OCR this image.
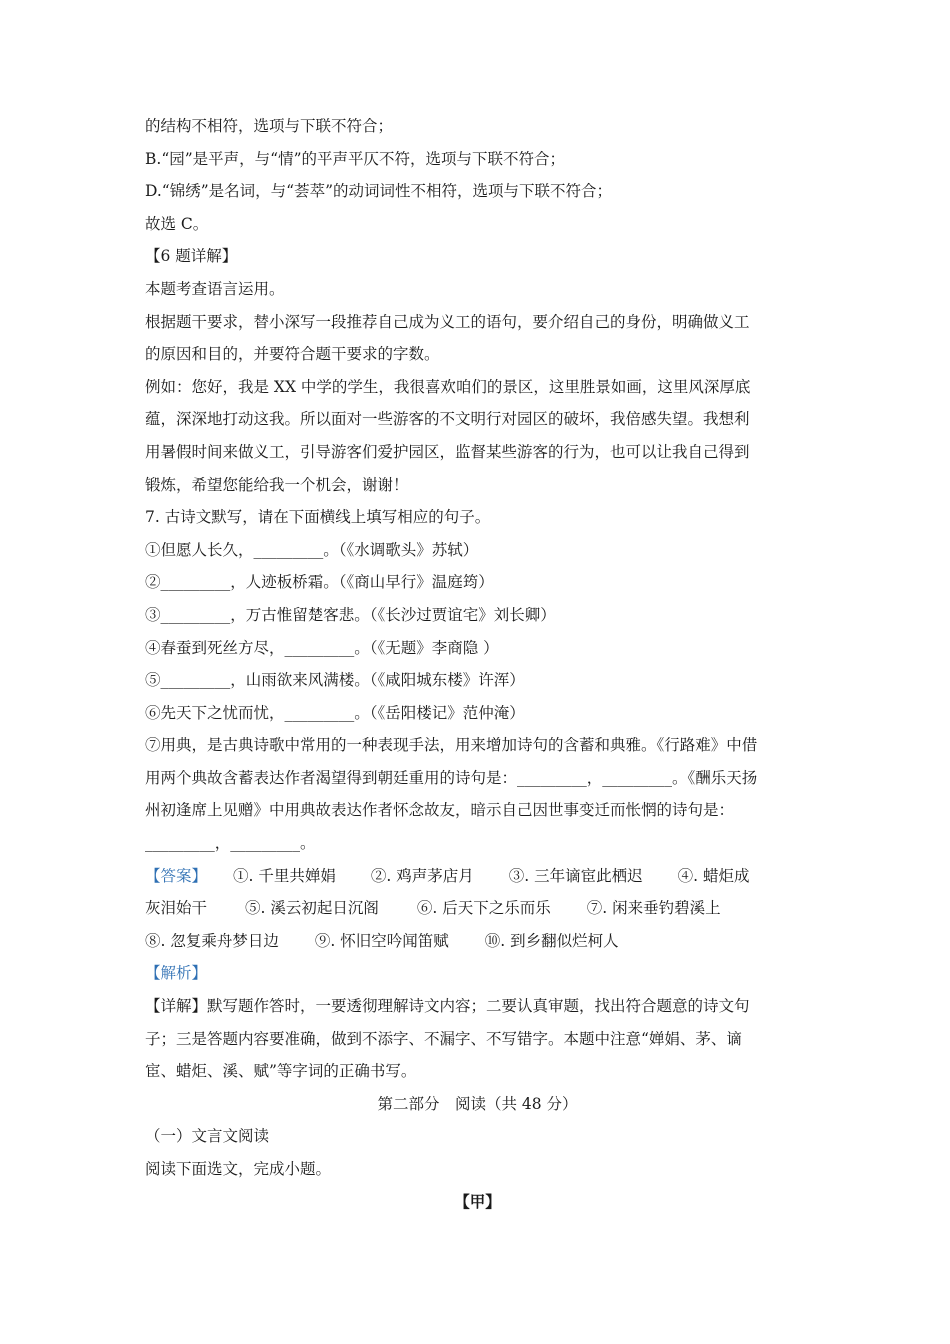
的结构不相符，选项与下联不符合；
B.“园”是平声，与“情”的平声平仄不符，选项与下联不符合；
D.“锦绣”是名词，与“荟萃”的动词词性不相符，选项与下联不符合；
故选 C。
【6 题详解】
本题考查语言运用。
根据题干要求，替小深写一段推荐自己成为义工的语句，要介绍自己的身份，明确做义工
的原因和目的，并要符合题干要求的字数。
例如：您好，我是 XX 中学的学生，我很喜欢咱们的景区，这里胜景如画，这里风深厚底
蕴，深深地打动这我。所以面对一些游客的不文明行对园区的破坏，我倍感失望。我想利
用暑假时间来做义工，引导游客们爱护园区，监督某些游客的行为，也可以让我自己得到
锻炼，希望您能给我一个机会，谢谢！
7. 古诗文默写，请在下面横线上填写相应的句子。
①但愿人长久，_________。（《水调歌头》苏轼）
②_________，人迹板桥霜。（《商山早行》温庭筠）
③_________，万古惟留楚客悲。（《长沙过贾谊宅》刘长卿）
④春蚕到死丝方尽，_________。（《无题》李商隐 ）
⑤_________，山雨欲来风满楼。（《咸阳城东楼》许浑）
⑥先天下之忧而忧，_________。（《岳阳楼记》范仲淹）
⑦用典，是古典诗歌中常用的一种表现手法，用来增加诗句的含蓄和典雅。《行路难》中借
用两个典故含蓄表达作者渴望得到朝廷重用的诗句是：_________，_________。《酬乐天扬
州初逢席上见赠》中用典故表达作者怀念故友，暗示自己因世事变迁而怅惘的诗句是：
_________，_________。
【答案】 ①. 千里共婵娟 ②. 鸡声茅店月 ③. 三年谪宦此栖迟 ④. 蜡炬成
灰泪始干 ⑤. 溪云初起日沉阁 ⑥. 后天下之乐而乐 ⑦. 闲来垂钓碧溪上
⑧. 忽复乘舟梦日边 ⑨. 怀旧空吟闻笛赋 ⑩. 到乡翻似烂柯人
【解析】
【详解】默写题作答时，一要透彻理解诗文内容；二要认真审题，找出符合题意的诗文句
子；三是答题内容要准确，做到不添字、不漏字、不写错字。本题中注意“婵娟、茅、谪
宦、蜡炬、溪、赋”等字词的正确书写。
第二部分　阅读（共 48 分）
（一）文言文阅读
阅读下面选文，完成小题。
【甲】
